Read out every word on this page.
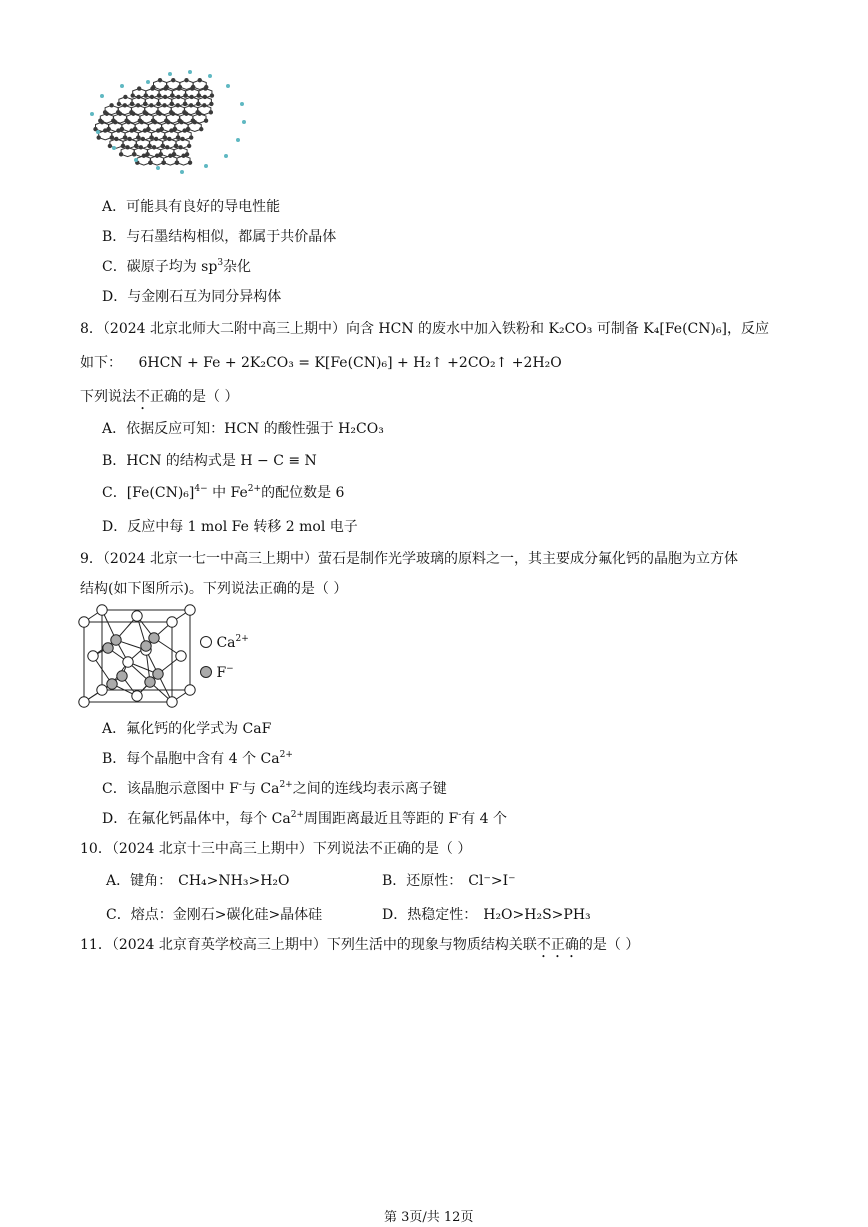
A．可能具有良好的导电性能
B．与石墨结构相似，都属于共价晶体
C．碳原子均为 $sp^3$杂化
D．与金刚石互为同分异构体
8．（2024 北京北师大二附中高三上期中）向含 HCN 的废水中加入铁粉和 K₂CO₃ 可制备 K₄[Fe(CN)₆]，反应
如下： 6HCN + Fe + 2K₂CO₃ = K[Fe(CN)₆] + H₂↑ +2CO₂↑ +2H₂O
下列说法不正确的是（ ）
A．依据反应可知：HCN 的酸性强于 H₂CO₃
B．HCN 的结构式是 H − C ≡ N
C．$[Fe(CN)_6]^{4-}$ 中 $Fe^{2+}$的配位数是 6
D．反应中每 1 mol Fe 转移 2 mol 电子
9．（2024 北京一七一中高三上期中）萤石是制作光学玻璃的原料之一，其主要成分氟化钙的晶胞为立方体
结构(如下图所示)。下列说法正确的是（ ）
$Ca^{2+}$
F−
A．氟化钙的化学式为 CaF
B．每个晶胞中含有 4 个 $Ca^{2+}$
C．该晶胞示意图中 F-与 $Ca^{2+}$之间的连线均表示离子键
D．在氟化钙晶体中，每个 $Ca^{2+}$周围距离最近且等距的 F-有 4 个
10．（2024 北京十三中高三上期中）下列说法不正确的是（ ）
A．键角： CH₄>NH₃>H₂O	B．还原性： Cl⁻>I⁻
C．熔点：金刚石>碳化硅>晶体硅	D．热稳定性： H₂O>H₂S>PH₃
11．（2024 北京育英学校高三上期中）下列生活中的现象与物质结构关联不正确的是（ ）
第 3页/共 12页
